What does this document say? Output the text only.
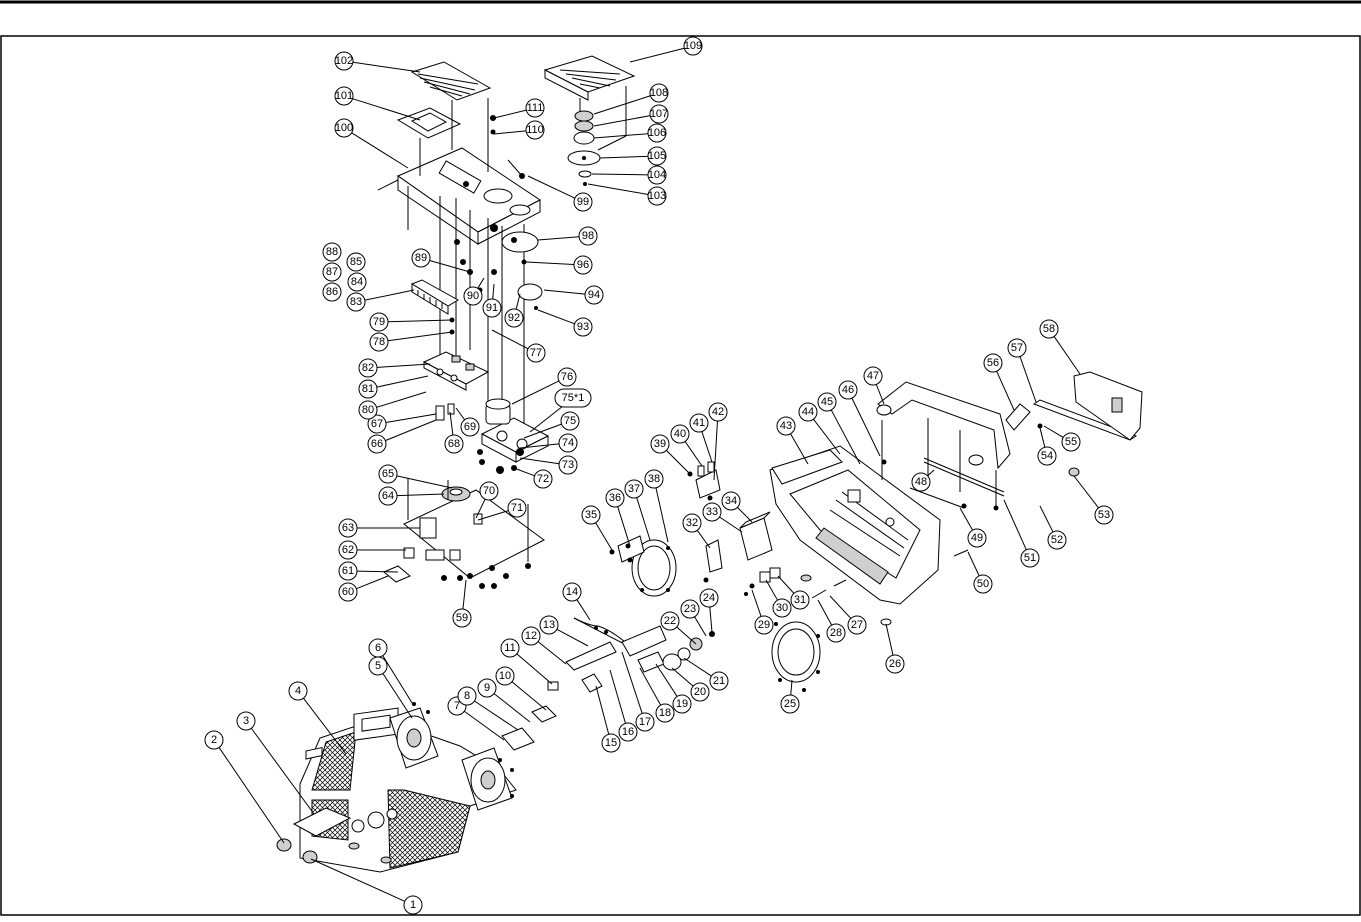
1
2
3
4
5
6
7
8
9
10
11
12
13
14
15
16
17
18
19
20
21
22
23
24
25
26
27
28
29
30
31
32
33
34
35
36
37
38
39
40
41
42
43
44
45
46
47
48
49
50
51
52
53
54
55
56
57
58
59
60
61
62
63
64
65
66
67
68
69
70
71
72
73
74
75
75*1
76
77
78
79
80
81
82
83
84
85
86
87
88	89
90
91
92
93
94
96
98
99
100
101
102
103
104
105
106
107
108
109
110
111
